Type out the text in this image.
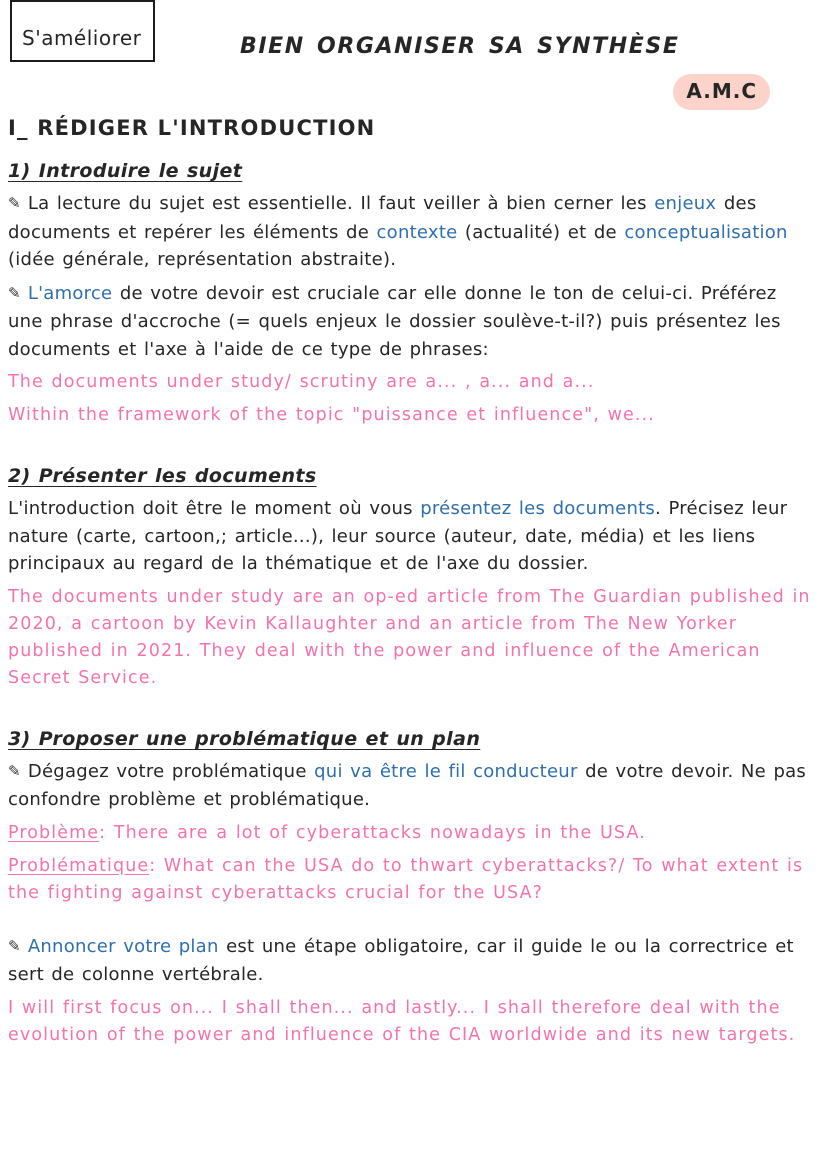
S'améliorer	BIEN ORGANISER SA SYNTHÈSE
A.M.C
I_ RÉDIGER L'INTRODUCTION
1) Introduire le sujet

✎ La lecture du sujet est essentielle. Il faut veiller à bien cerner les enjeux des documents et repérer les éléments de contexte (actualité) et de conceptualisation (idée générale, représentation abstraite).

✎ L'amorce de votre devoir est cruciale car elle donne le ton de celui-ci. Préférez une phrase d'accroche (= quels enjeux le dossier soulève-t-il?) puis présentez les documents et l'axe à l'aide de ce type de phrases:

The documents under study/ scrutiny are a... , a... and a...

Within the framework of the topic "puissance et influence", we...

2) Présenter les documents

L'introduction doit être le moment où vous présentez les documents. Précisez leur nature (carte, cartoon,; article...), leur source (auteur, date, média) et les liens principaux au regard de la thématique et de l'axe du dossier.

The documents under study are an op-ed article from The Guardian published in 2020, a cartoon by Kevin Kallaughter and an article from The New Yorker published in 2021. They deal with the power and influence of the American Secret Service.

3) Proposer une problématique et un plan

✎ Dégagez votre problématique qui va être le fil conducteur de votre devoir. Ne pas confondre problème et problématique.

Problème: There are a lot of cyberattacks nowadays in the USA.

Problématique: What can the USA do to thwart cyberattacks?/ To what extent is the fighting against cyberattacks crucial for the USA?

✎ Annoncer votre plan est une étape obligatoire, car il guide le ou la correctrice et sert de colonne vertébrale.

I will first focus on... I shall then... and lastly... I shall therefore deal with the evolution of the power and influence of the CIA worldwide and its new targets.
